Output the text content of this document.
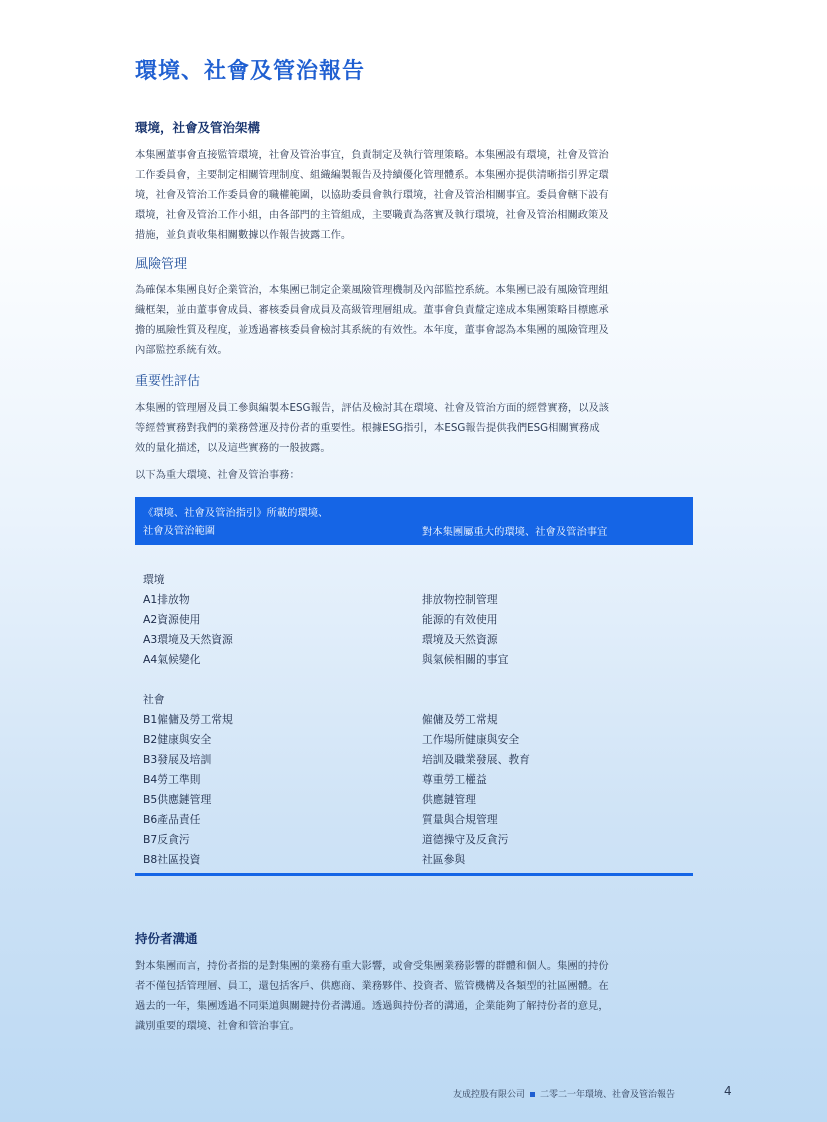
環境、社會及管治報告
環境，社會及管治架構
本集團董事會直接監管環境，社會及管治事宜，負責制定及執行管理策略。本集團設有環境，社會及管治
工作委員會，主要制定相關管理制度、組織編製報告及持續優化管理體系。本集團亦提供清晰指引界定環
境，社會及管治工作委員會的職權範圍，以協助委員會執行環境，社會及管治相關事宜。委員會轄下設有
環境，社會及管治工作小組，由各部門的主管組成，主要職責為落實及執行環境，社會及管治相關政策及
措施，並負責收集相關數據以作報告披露工作。
風險管理
為確保本集團良好企業管治，本集團已制定企業風險管理機制及內部監控系統。本集團已設有風險管理組
織框架，並由董事會成員、審核委員會成員及高級管理層組成。董事會負責釐定達成本集團策略目標應承
擔的風險性質及程度，並透過審核委員會檢討其系統的有效性。本年度，董事會認為本集團的風險管理及
內部監控系統有效。
重要性評估
本集團的管理層及員工參與編製本ESG報告，評估及檢討其在環境、社會及管治方面的經營實務，以及該
等經營實務對我們的業務營運及持份者的重要性。根據ESG指引，本ESG報告提供我們ESG相關實務成
效的量化描述，以及這些實務的一般披露。
以下為重大環境、社會及管治事務：
《環境、社會及管治指引》所載的環境、
社會及管治範圍	對本集團屬重大的環境、社會及管治事宜
環境
A1排放物	排放物控制管理
A2資源使用	能源的有效使用
A3環境及天然資源	環境及天然資源
A4氣候變化	與氣候相關的事宜
社會
B1僱傭及勞工常規	僱傭及勞工常規
B2健康與安全	工作場所健康與安全
B3發展及培訓	培訓及職業發展、教育
B4勞工準則	尊重勞工權益
B5供應鏈管理	供應鏈管理
B6產品責任	質量與合規管理
B7反貪污	道德操守及反貪污
B8社區投資	社區參與
持份者溝通
對本集團而言，持份者指的是對集團的業務有重大影響，或會受集團業務影響的群體和個人。集團的持份
者不僅包括管理層、員工，還包括客戶、供應商、業務夥伴、投資者、監管機構及各類型的社區團體。在
過去的一年，集團透過不同渠道與關鍵持份者溝通。透過與持份者的溝通，企業能夠了解持份者的意見，
識別重要的環境、社會和管治事宜。
友成控股有限公司 二零二一年環境、社會及管治報告	4
